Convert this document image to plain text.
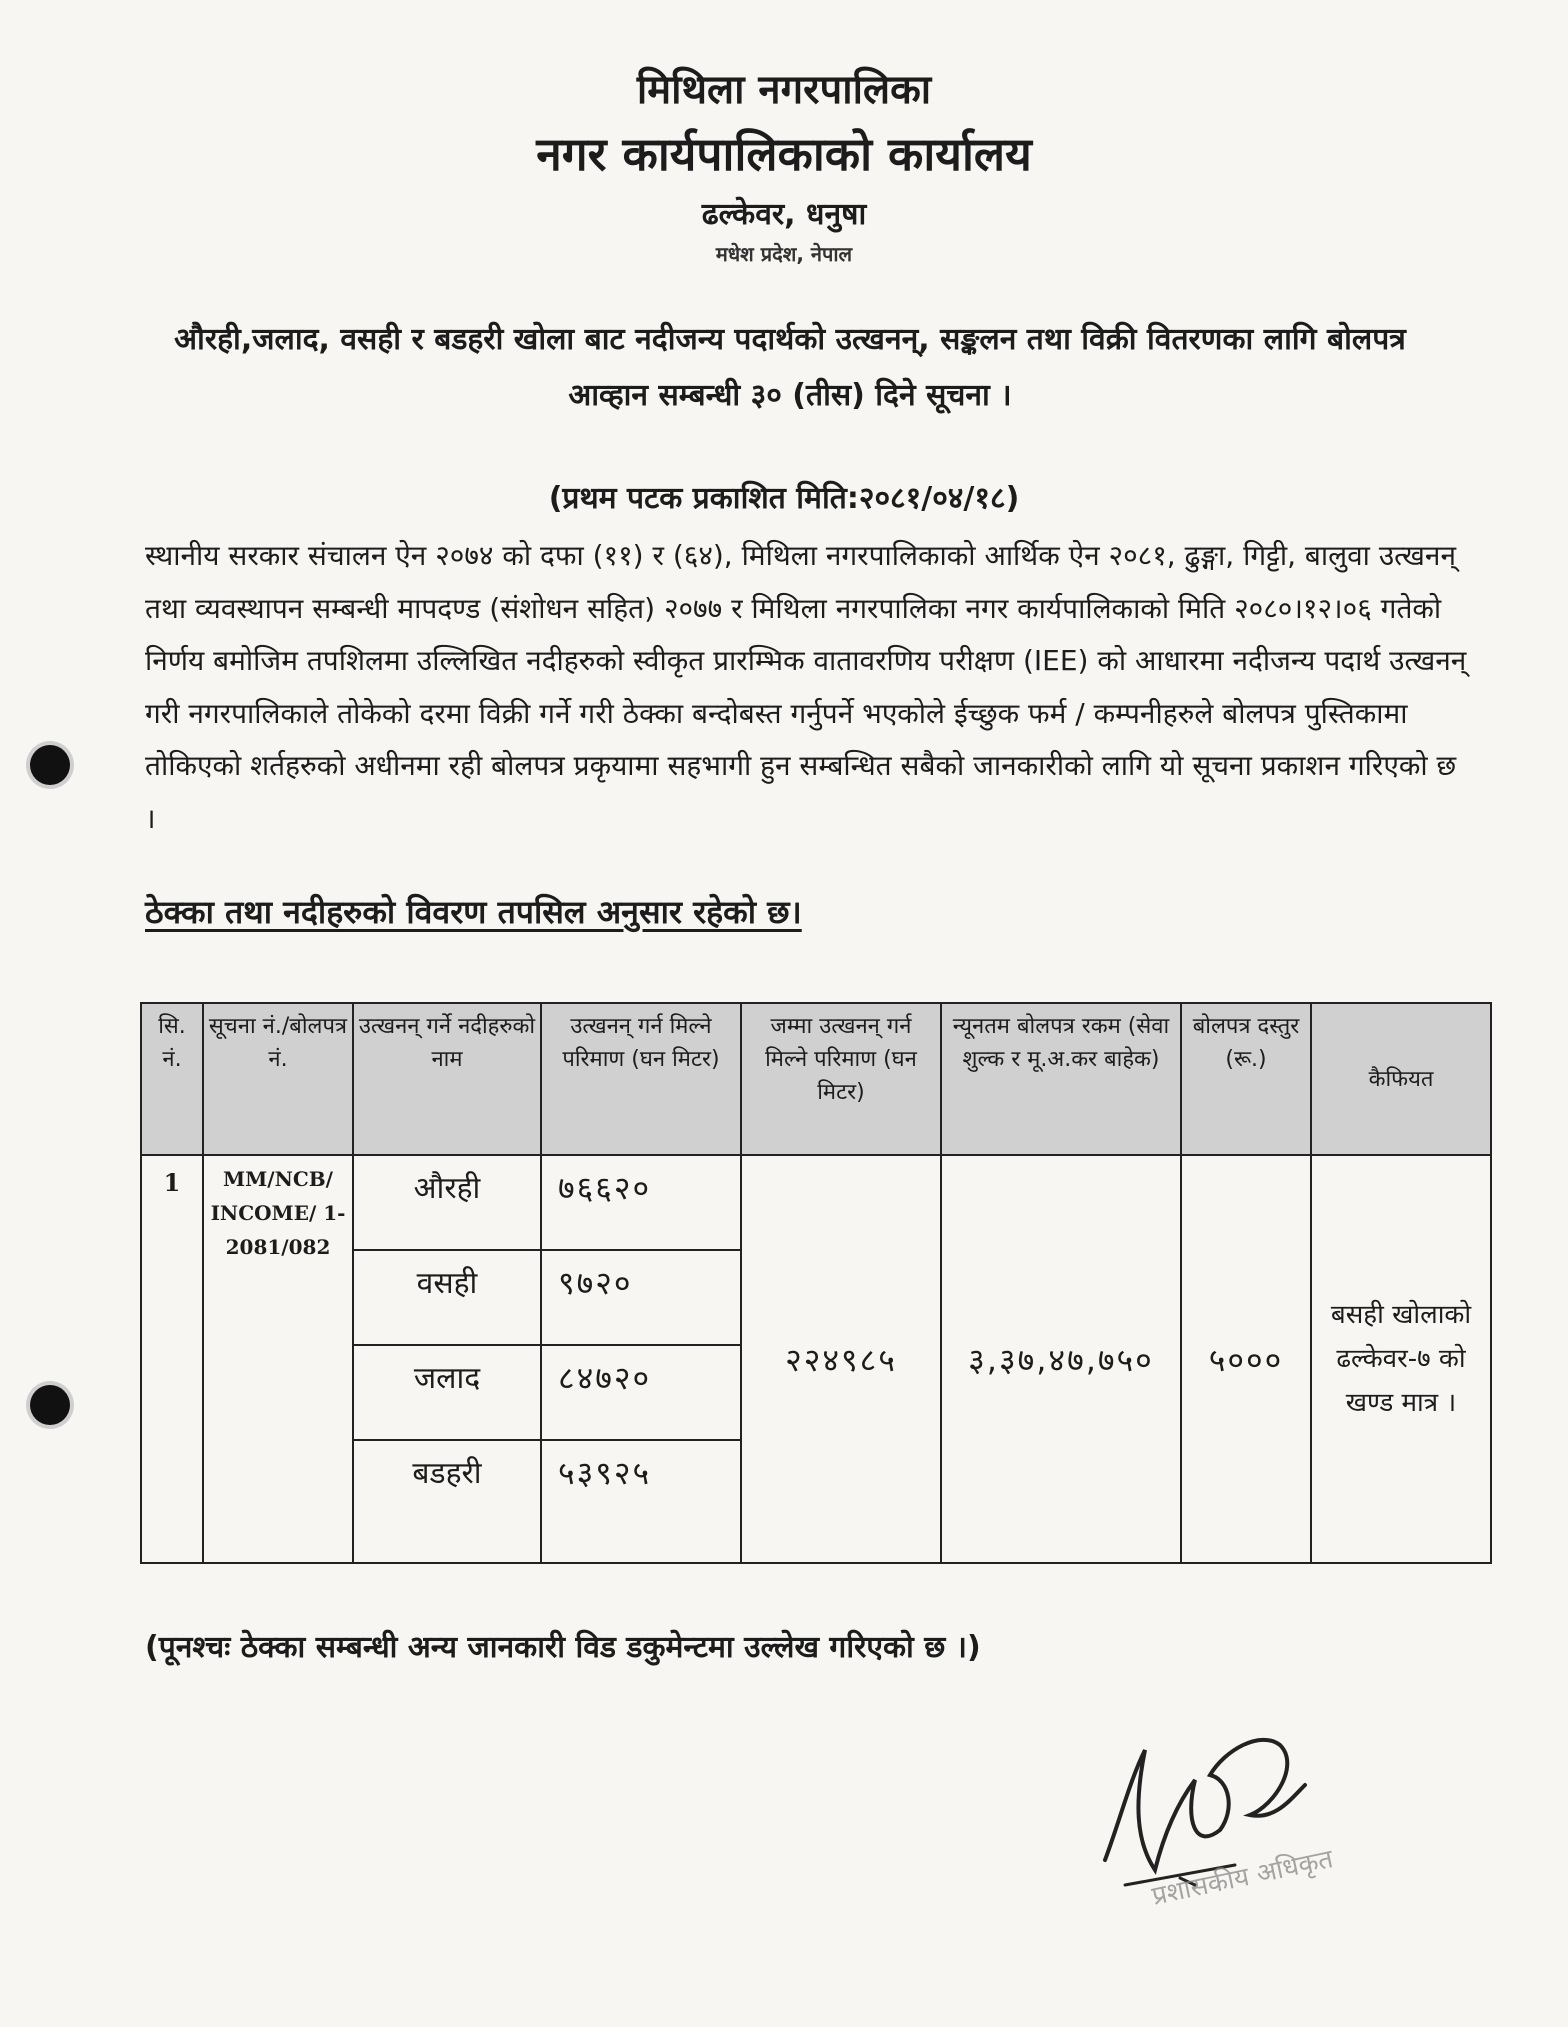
मिथिला नगरपालिका
नगर कार्यपालिकाको कार्यालय
ढल्केवर, धनुषा
मधेश प्रदेश, नेपाल
औरही,जलाद, वसही र बडहरी खोला बाट नदीजन्य पदार्थको उत्खनन्, सङ्कलन तथा विक्री वितरणका लागि बोलपत्र आव्हान सम्बन्धी ३० (तीस) दिने सूचना ।
(प्रथम पटक प्रकाशित मिति:२०८१/०४/१८)
स्थानीय सरकार संचालन ऐन २०७४ को दफा (११) र (६४), मिथिला नगरपालिकाको आर्थिक ऐन २०८१, ढुङ्गा, गिट्टी, बालुवा उत्खनन् तथा व्यवस्थापन सम्बन्धी मापदण्ड (संशोधन सहित) २०७७ र मिथिला नगरपालिका नगर कार्यपालिकाको मिति २०८०।१२।०६ गतेको निर्णय बमोजिम तपशिलमा उल्लिखित नदीहरुको स्वीकृत प्रारम्भिक वातावरणिय परीक्षण (IEE) को आधारमा नदीजन्य पदार्थ उत्खनन् गरी नगरपालिकाले तोकेको दरमा विक्री गर्ने गरी ठेक्का बन्दोबस्त गर्नुपर्ने भएकोले ईच्छुक फर्म / कम्पनीहरुले बोलपत्र पुस्तिकामा तोकिएको शर्तहरुको अधीनमा रही बोलपत्र प्रकृयामा सहभागी हुन सम्बन्धित सबैको जानकारीको लागि यो सूचना प्रकाशन गरिएको छ ।
ठेक्का तथा नदीहरुको विवरण तपसिल अनुसार रहेको छ।
सि. नं.	सूचना नं./बोलपत्र नं.	उत्खनन् गर्ने नदीहरुको नाम	उत्खनन् गर्न मिल्ने परिमाण (घन मिटर)	जम्मा उत्खनन् गर्न मिल्ने परिमाण (घन मिटर)	न्यूनतम बोलपत्र रकम (सेवा शुल्क र मू.अ.कर बाहेक)	बोलपत्र दस्तुर (रू.)	कैफियत
1	MM/NCB/ INCOME/ 1-2081/082	औरही	७६६२०	२२४९८५	३,३७,४७,७५०	५०००	बसही खोलाको ढल्केवर-७ को खण्ड मात्र ।
		वसही	९७२०				
		जलाद	८४७२०				
		बडहरी	५३९२५				
(पूनश्चः ठेक्का सम्बन्धी अन्य जानकारी विड डकुमेन्टमा उल्लेख गरिएको छ ।)
प्रशासकीय अधिकृत
